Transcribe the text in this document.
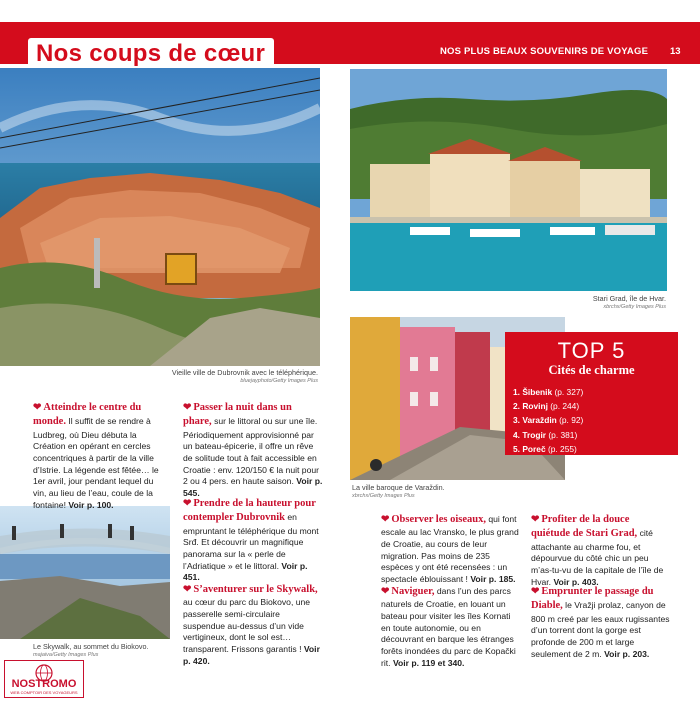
Nos coups de cœur	NOS PLUS BEAUX SOUVENIRS DE VOYAGE 13
Vieille ville de Dubrovnik avec le téléphérique.
bluejayphoto/Getty Images Plus
Stari Grad, île de Hvar.
xbrchx/Getty Images Plus
La ville baroque de Varaždin.
xbrchx/Getty Images Plus
Le Skywalk, au sommet du Biokovo.
majaiva/Getty Images Plus
❤ Atteindre le centre du monde. Il suffit de se rendre à Ludbreg, où Dieu débuta la Création en opérant en cercles concentriques à partir de la ville d’Istrie. La légende est fêtée… le 1er avril, jour pendant lequel du vin, au lieu de l’eau, coule de la fontaine! Voir p. 100.
❤ Passer la nuit dans un phare, sur le littoral ou sur une île. Périodiquement approvisionné par un bateau-épicerie, il offre un rêve de solitude tout à fait accessible en Croatie : env. 120/150 € la nuit pour 2 ou 4 pers. en haute saison. Voir p. 545.
❤ Prendre de la hauteur pour contempler Dubrovnik en empruntant le téléphérique du mont Srđ. Et découvrir un magnifique panorama sur la « perle de l’Adriatique » et le littoral. Voir p. 451.
❤ S’aventurer sur le Skywalk, au cœur du parc du Biokovo, une passerelle semi-circulaire suspendue au-dessus d’un vide vertigineux, dont le sol est… transparent. Frissons garantis ! Voir p. 420.
❤ Observer les oiseaux, qui font escale au lac Vransko, le plus grand de Croatie, au cours de leur migration. Pas moins de 235 espèces y ont été recensées : un spectacle éblouissant ! Voir p. 185.
❤ Naviguer, dans l’un des parcs naturels de Croatie, en louant un bateau pour visiter les îles Kornati en toute autonomie, ou en découvrant en barque les étranges forêts inondées du parc de Kopački rit. Voir p. 119 et 340.
❤ Profiter de la douce quiétude de Stari Grad, cité attachante au charme fou, et dépourvue du côté chic un peu m’as-tu-vu de la capitale de l’île de Hvar. Voir p. 403.
❤ Emprunter le passage du Diable, le Vražji prolaz, canyon de 800 m creé par les eaux rugissantes d’un torrent dont la gorge est profonde de 200 m et large seulement de 2 m. Voir p. 203.
TOP 5
Cités de charme
1. Šibenik (p. 327)
2. Rovinj (p. 244)
3. Varaždin (p. 92)
4. Trogir (p. 381)
5. Poreč (p. 255)
NOSTROMO
WEB COMPTOIR DES VOYAGEURS
